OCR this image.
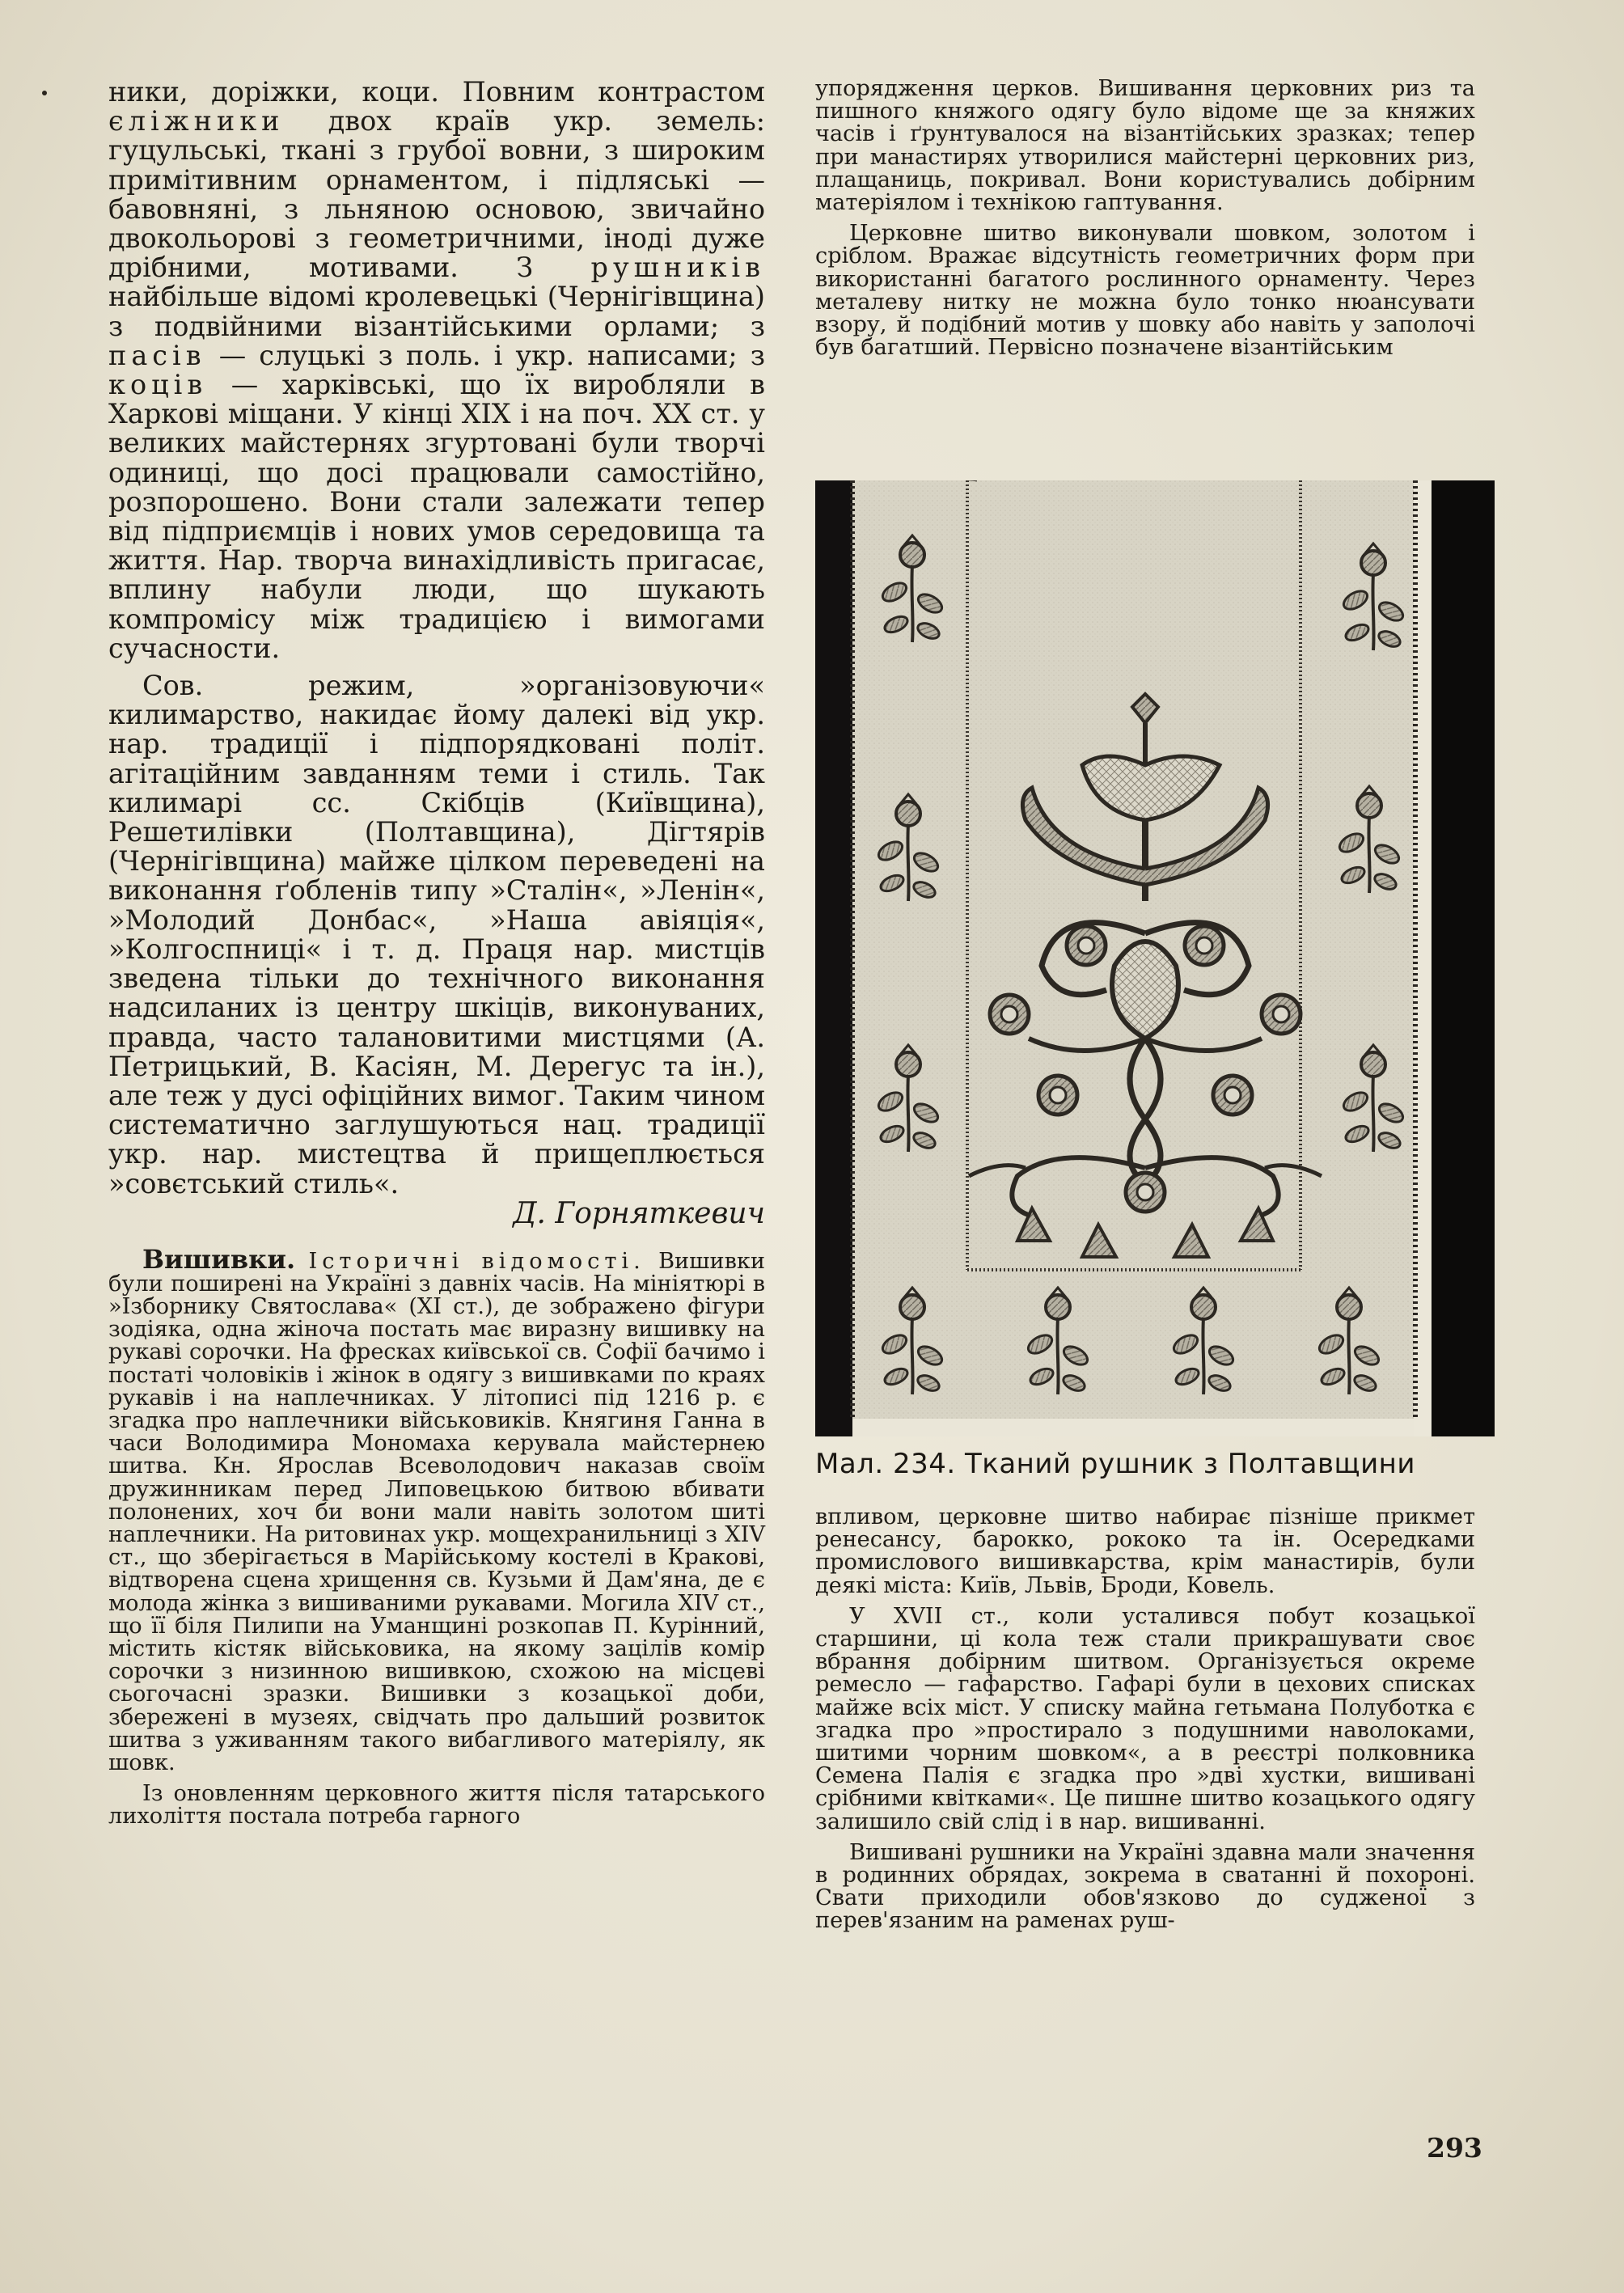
ники, доріжки, коци. Повним контрастом єліжники двох країв укр. земель: гуцульські, ткані з грубої вовни, з широким примітивним орнаментом, і підляські — бавовняні, з льняною основою, звичайно двокольорові з геометричними, іноді дуже дрібними, мотивами. З рушників найбільше відомі кролевецькі (Чернігівщина) з подвійними візантійськими орлами; з пасів — слуцькі з поль. і укр. написами; з коців — харківські, що їх виробляли в Харкові міщани. У кінці XIX і на поч. XX ст. у великих майстернях згуртовані були творчі одиниці, що досі працювали самостійно, розпорошено. Вони стали залежати тепер від підприємців і нових умов середовища та життя. Нар. творча винахідливість пригасає, вплину набули люди, що шукають компромісу між традицією і вимогами сучасности.

Сов. режим, »організовуючи« килимарство, накидає йому далекі від укр. нар. традиції і підпорядковані політ. агітаційним завданням теми і стиль. Так килимарі сс. Скібців (Київщина), Решетилівки (Полтавщина), Дігтярів (Чернігівщина) майже цілком переведені на виконання ґобленів типу »Сталін«, »Ленін«, »Молодий Донбас«, »Наша авіяція«, »Колгоспниці« і т. д. Праця нар. мистців зведена тільки до технічного виконання надсиланих із центру шкіців, виконуваних, правда, часто талановитими мистцями (А. Петрицький, В. Касіян, М. Дерегус та ін.), але теж у дусі офіційних вимог. Таким чином систематично заглушуються нац. традиції укр. нар. мистецтва й прищеплюється »совєтський стиль«.

Д. Горняткевич

Вишивки. Історичні відомості. Вишивки були поширені на Україні з давніх часів. На мініятюрі в »Ізборнику Святослава« (XI ст.), де зображено фігури зодіяка, одна жіноча постать має виразну вишивку на рукаві сорочки. На фресках київської св. Софії бачимо і постаті чоловіків і жінок в одягу з вишивками по краях рукавів і на наплечниках. У літописі під 1216 р. є згадка про наплечники військовиків. Княгиня Ганна в часи Володимира Мономаха керувала майстернею шитва. Кн. Ярослав Всеволодович наказав своїм дружинникам перед Липовецькою битвою вбивати полонених, хоч би вони мали навіть золотом шиті наплечники. На ритовинах укр. мощехранильниці з XIV ст., що зберігається в Марійському костелі в Кракові, відтворена сцена хрищення св. Кузьми й Дам'яна, де є молода жінка з вишиваними рукавами. Могила XIV ст., що її біля Пилипи на Уманщині розкопав П. Курінний, містить кістяк військовика, на якому зацілів комір сорочки з низинною вишивкою, схожою на місцеві сьогочасні зразки. Вишивки з козацької доби, збережені в музеях, свідчать про дальший розвиток шитва з уживанням такого вибагливого матеріялу, як шовк.

Із оновленням церковного життя після татарського лихоліття постала потреба гарного

упорядження церков. Вишивання церковних риз та пишного княжого одягу було відоме ще за княжих часів і ґрунтувалося на візантійських зразках; тепер при манастирях утворилися майстерні церковних риз, плащаниць, покривал. Вони користувались добірним матеріялом і технікою гаптування.

Церковне шитво виконували шовком, золотом і сріблом. Вражає відсутність геометричних форм при використанні багатого рослинного орнаменту. Через металеву нитку не можна було тонко нюансувати взору, й подібний мотив у шовку або навіть у заполочі був багатший. Первісно позначене візантійським

Мал. 234. Тканий рушник з Полтавщини

впливом, церковне шитво набирає пізніше прикмет ренесансу, барокко, рококо та ін. Осередками промислового вишивкарства, крім манастирів, були деякі міста: Київ, Львів, Броди, Ковель.

У XVII ст., коли усталився побут козацької старшини, ці кола теж стали прикрашувати своє вбрання добірним шитвом. Організується окреме ремесло — гафарство. Гафарі були в цехових списках майже всіх міст. У списку майна гетьмана Полуботка є згадка про »простирало з подушними наволоками, шитими чорним шовком«, а в реєстрі полковника Семена Палія є згадка про »дві хустки, вишивані срібними квітками«. Це пишне шитво козацького одягу залишило свій слід і в нар. вишиванні.

Вишивані рушники на Україні здавна мали значення в родинних обрядах, зокрема в сватанні й похороні. Свати приходили обов'язково до судженої з перев'язаним на раменах руш-

293
